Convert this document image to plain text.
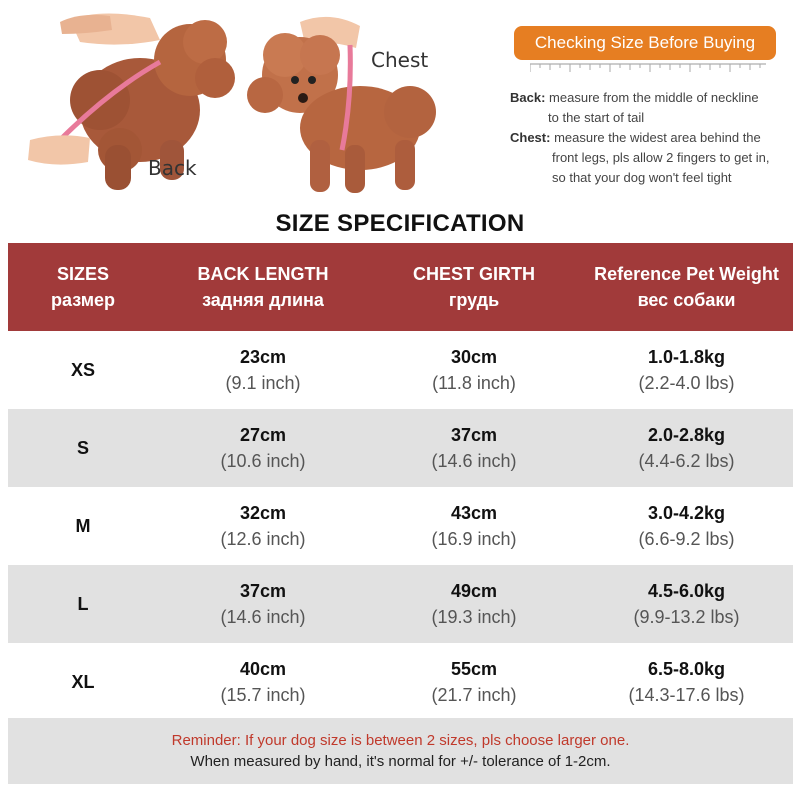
Back
Chest
Checking Size Before Buying
Back: measure from the middle of neckline
to the start of tail
Chest: measure the widest area behind the
front legs, pls allow 2 fingers to get in,
so that your dog won't feel tight
SIZE SPECIFICATION
SIZES
размер
BACK LENGTH
задняя длина
CHEST GIRTH
грудь
Reference Pet Weight
вес собаки
XS
23cm
(9.1 inch)
30cm
(11.8 inch)
1.0-1.8kg
(2.2-4.0 lbs)
S
27cm
(10.6 inch)
37cm
(14.6 inch)
2.0-2.8kg
(4.4-6.2 lbs)
M
32cm
(12.6 inch)
43cm
(16.9 inch)
3.0-4.2kg
(6.6-9.2 lbs)
L
37cm
(14.6 inch)
49cm
(19.3 inch)
4.5-6.0kg
(9.9-13.2 lbs)
XL
40cm
(15.7 inch)
55cm
(21.7 inch)
6.5-8.0kg
(14.3-17.6 lbs)
Reminder: If your dog size is between 2 sizes, pls choose larger one.
When measured by hand, it's normal for +/- tolerance of 1-2cm.
